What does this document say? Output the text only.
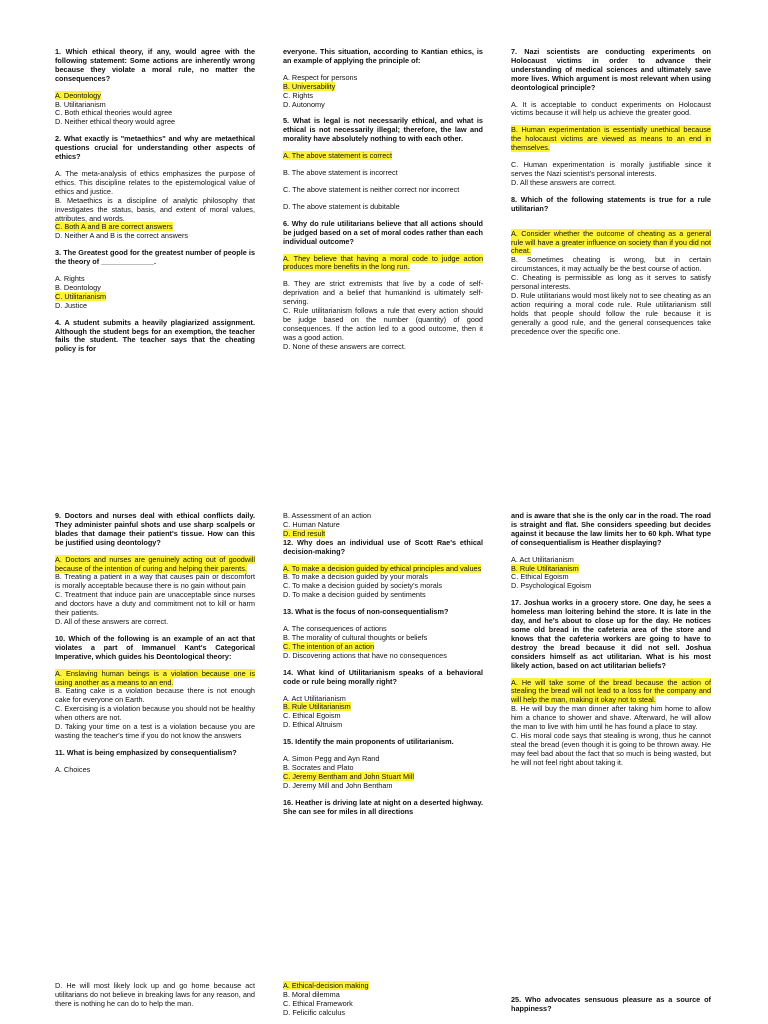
1. Which ethical theory, if any, would agree with the following statement: Some actions are inherently wrong because they violate a moral rule, no matter the consequences?

A. Deontology

B. Utilitarianism

C. Both ethical theories would agree

D. Neither ethical theory would agree

2. What exactly is "metaethics" and why are metaethical questions crucial for understanding other aspects of ethics?

A. The meta-analysis of ethics emphasizes the purpose of ethics. This discipline relates to the epistemological value of ethics and justice.

B. Metaethics is a discipline of analytic philosophy that investigates the status, basis, and extent of moral values, attributes, and words.

C. Both A and B are correct answers

D. Neither A and B is the correct answers

3. The Greatest good for the greatest number of people is the theory of _____________.

A. Rights

B. Deontology

C. Utilitarianism

D. Justice

4. A student submits a heavily plagiarized assignment. Although the student begs for an exemption, the teacher fails the student. The teacher says that the cheating policy is for

everyone. This situation, according to Kantian ethics, is an example of applying the principle of:

A. Respect for persons

B. Universability

C. Rights

D. Autonomy

5. What is legal is not necessarily ethical, and what is ethical is not necessarily illegal; therefore, the law and morality have absolutely nothing to with each other.

A. The above statement is correct

B. The above statement is incorrect

C. The above statement is neither correct nor incorrect

D. The above statement is dubitable

6. Why do rule utilitarians believe that all actions should be judged based on a set of moral codes rather than each individual outcome?

A. They believe that having a moral code to judge action produces more benefits in the long run.

B. They are strict extremists that live by a code of self-deprivation and a belief that humankind is ultimately self-serving.

C. Rule utilitarianism follows a rule that every action should be judge based on the number (quantity) of good consequences. If the action led to a good outcome, then it was a good action.

D. None of these answers are correct.

7. Nazi scientists are conducting experiments on Holocaust victims in order to advance their understanding of medical sciences and ultimately save more lives. Which argument is most relevant when using deontological principle?

A. It is acceptable to conduct experiments on Holocaust victims because it will help us achieve the greater good.

B. Human experimentation is essentially unethical because the holocaust victims are viewed as means to an end in themselves.

C. Human experimentation is morally justifiable since it serves the Nazi scientist's personal interests.

D. All these answers are correct.

8. Which of the following statements is true for a rule utilitarian?

A. Consider whether the outcome of cheating as a general rule will have a greater influence on society than if you did not cheat.

B. Sometimes cheating is wrong, but in certain circumstances, it may actually be the best course of action.

C. Cheating is permissible as long as it serves to satisfy personal interests.

D. Rule utilitarians would most likely not to see cheating as an action requiring a moral code rule. Rule utilitarianism still holds that people should follow the rule because it is generally a good rule, and the general consequences take precedence over the specific one.

9. Doctors and nurses deal with ethical conflicts daily. They administer painful shots and use sharp scalpels or blades that damage their patient's tissue. How can this be justified using deontology?

A. Doctors and nurses are genuinely acting out of goodwill because of the intention of curing and helping their parents.

B. Treating a patient in a way that causes pain or discomfort is morally acceptable because there is no gain without pain

C. Treatment that induce pain are unacceptable since nurses and doctors have a duty and commitment not to kill or harm their patients.

D. All of these answers are correct.

10. Which of the following is an example of an act that violates a part of Immanuel Kant's Categorical Imperative, which guides his Deontological theory:

A. Enslaving human beings is a violation because one is using another as a means to an end.

B. Eating cake is a violation because there is not enough cake for everyone on Earth.

C. Exercising is a violation because you should not be healthy when others are not.

D. Taking your time on a test is a violation because you are wasting the teacher's time if you do not know the answers

11. What is being emphasized by consequentialism?

A. Choices

B. Assessment of an action

C. Human Nature

D. End result

12. Why does an individual use of Scott Rae's ethical decision-making?

A. To make a decision guided by ethical principles and values

B. To make a decision guided by your morals

C. To make a decision guided by society's morals

D. To make a decision guided by sentiments

13. What is the focus of non-consequentialism?

A. The consequences of actions

B. The morality of cultural thoughts or beliefs

C. The intention of an action

D. Discovering actions that have no consequences

14. What kind of Utilitarianism speaks of a behavioral code or rule being morally right?

A. Act Utilitarianism

B. Rule Utilitarianism

C. Ethical Egoism

D. Ethical Altruism

15. Identify the main proponents of utilitarianism.

A. Simon Pegg and Ayn Rand

B. Socrates and Plato

C. Jeremy Bentham and John Stuart Mill

D. Jeremy Mill and John Bentham

16. Heather is driving late at night on a deserted highway. She can see for miles in all directions

and is aware that she is the only car in the road. The road is straight and flat. She considers speeding but decides against it because the law limits her to 60 kph. What type of consequentialism is Heather displaying?

A. Act Utilitarianism

B. Rule Utilitarianism

C. Ethical Egoism

D. Psychological Egoism

17. Joshua works in a grocery store. One day, he sees a homeless man loitering behind the store. It is late in the day, and he's about to close up for the day. He notices some old bread in the cafeteria area of the store and knows that the cafeteria workers are going to have to destroy the bread because it did not sell. Joshua considers himself as act utilitarian. What is his most likely action, based on act utilitarian beliefs?

A. He will take some of the bread because the action of stealing the bread will not lead to a loss for the company and will help the man, making it okay not to steal.

B. He will buy the man dinner after taking him home to allow him a chance to shower and shave. Afterward, he will allow the man to live with him until he has found a place to stay.

C. His moral code says that stealing is wrong, thus he cannot steal the bread (even though it is going to be thrown away. He may feel bad about the fact that so much is being wasted, but he will not feel right about taking it.

D. He will most likely lock up and go home because act utilitarians do not believe in breaking laws for any reason, and there is nothing he can do to help the man.

A. Ethical-decision making

B. Moral dilemma

C. Ethical Framework

D. Felicific calculus

25. Who advocates sensuous pleasure as a source of happiness?
